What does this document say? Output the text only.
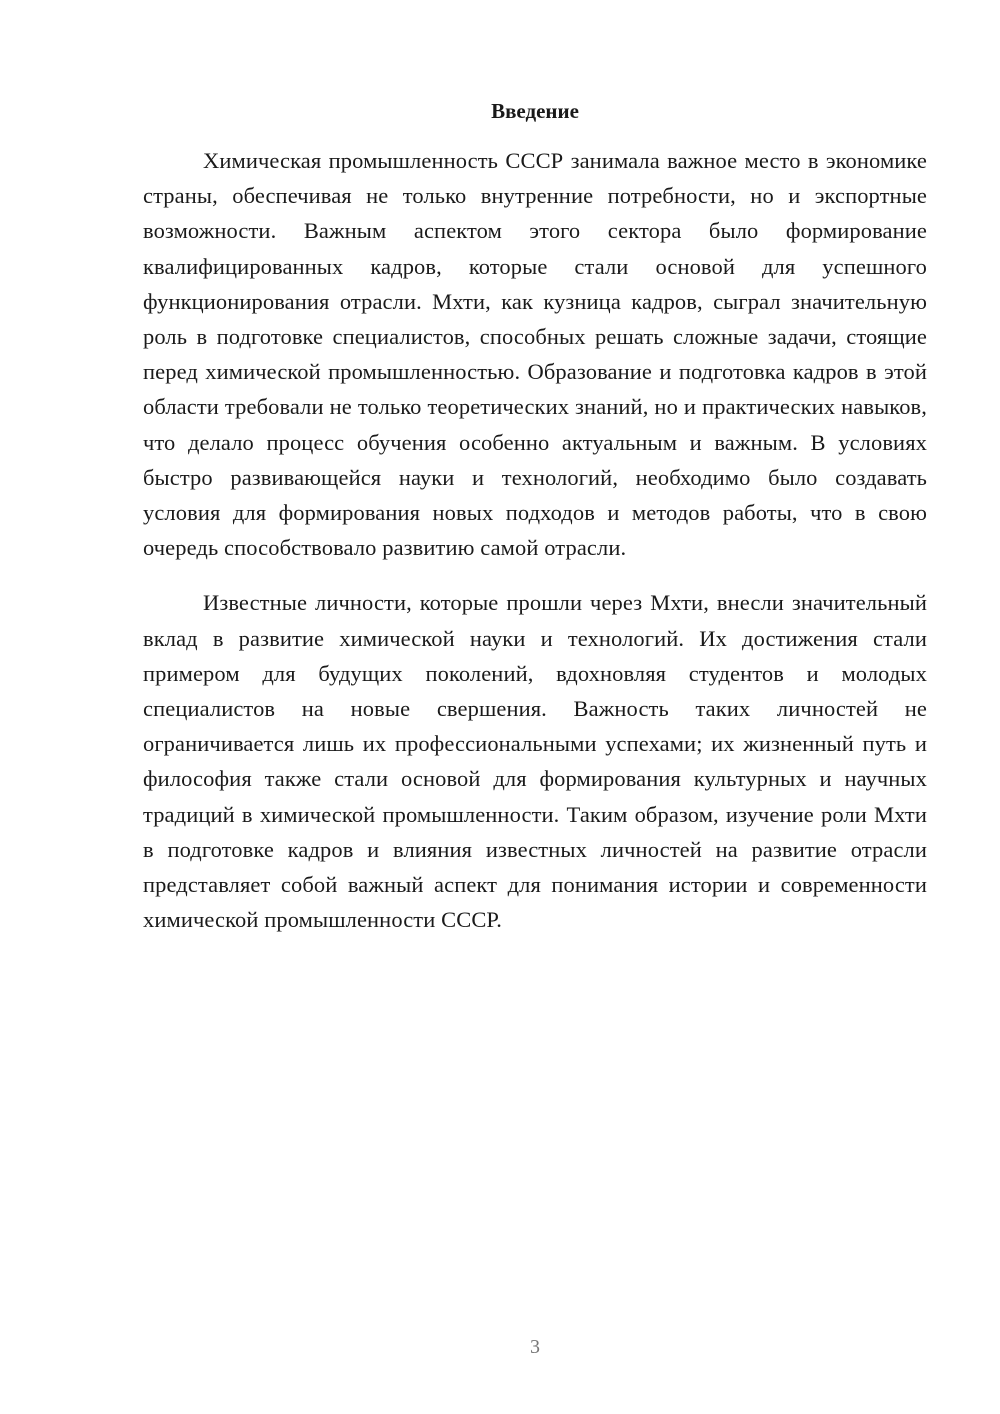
Введение

Химическая промышленность СССР занимала важное место в экономике страны, обеспечивая не только внутренние потребности, но и экспортные возможности. Важным аспектом этого сектора было формирование квалифицированных кадров, которые стали основой для успешного функционирования отрасли. Мхти, как кузница кадров, сыграл значительную роль в подготовке специалистов, способных решать сложные задачи, стоящие перед химической промышленностью. Образование и подготовка кадров в этой области требовали не только теоретических знаний, но и практических навыков, что делало процесс обучения особенно актуальным и важным. В условиях быстро развивающейся науки и технологий, необходимо было создавать условия для формирования новых подходов и методов работы, что в свою очередь способствовало развитию самой отрасли.

Известные личности, которые прошли через Мхти, внесли значительный вклад в развитие химической науки и технологий. Их достижения стали примером для будущих поколений, вдохновляя студентов и молодых специалистов на новые свершения. Важность таких личностей не ограничивается лишь их профессиональными успехами; их жизненный путь и философия также стали основой для формирования культурных и научных традиций в химической промышленности. Таким образом, изучение роли Мхти в подготовке кадров и влияния известных личностей на развитие отрасли представляет собой важный аспект для понимания истории и современности химической промышленности СССР.

3
